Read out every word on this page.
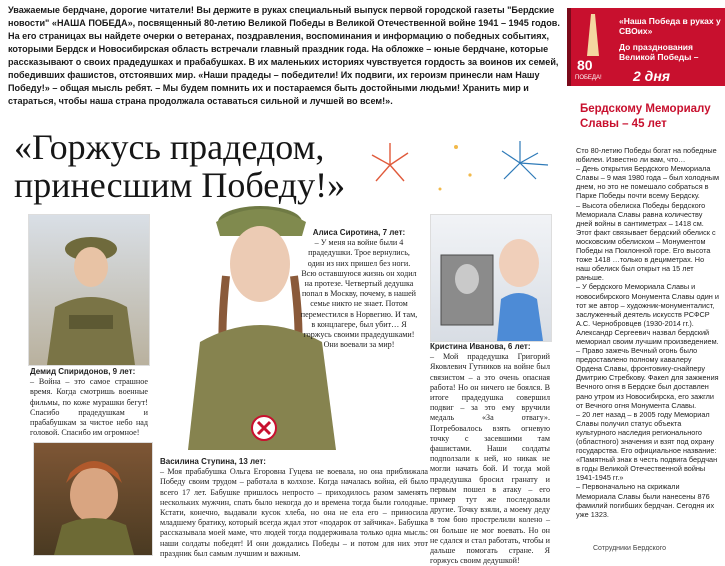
Уважаемые бердчане, дорогие читатели! Вы держите в руках специальный выпуск первой городской газеты "Бердские новости" «НАША ПОБЕДА», посвященный 80-летию Великой Победы в Великой Отечественной войне 1941 – 1945 годов. На его страницах вы найдете очерки о ветеранах, поздравления, воспоминания и информацию о победных событиях, которыми Бердск и Новосибирская область встречали главный праздник года. На обложке – юные бердчане, которые рассказывают о своих прадедушках и прабабушках. В их маленьких историях чувствуется гордость за воинов их семей, победивших фашистов, отстоявших мир. «Наши прадеды – победители! Их подвиги, их героизм принесли нам Нашу Победу!» – общая мысль ребят. – Мы будем помнить их и постараемся быть достойными людьми! Хранить мир и стараться, чтобы наша страна продолжала оставаться сильной и лучшей во всем!».
«Горжусь прадедом, принесшим Победу!»
Демид Спиридонов, 9 лет:
– Война – это самое страшное время. Когда смотришь военные фильмы, по коже мурашки бегут! Спасибо прадедушкам и прабабушкам за чистое небо над головой. Спасибо им огромное!
Алиса Сиротина, 7 лет:
– У меня на войне были 4 прадедушки. Трое вернулись, один из них пришел без ноги. Всю оставшуюся жизнь он ходил на протезе. Четвертый дедушка попал в Москву, почему, в нашей семье никто не знает. Потом переместился в Норвегию. И там, в концлагере, был убит… Я горжусь своими прадедушками! Они воевали за мир!	Кристина Иванова, 6 лет:
– Мой прадедушка Григорий Яковлевич Гутников на войне был связистом – а это очень опасная работа! Но он ничего не боялся. В итоге прадедушка совершил подвиг – за это ему вручили медаль «За отвагу». Потребовалось взять огневую точку с засевшими там фашистами. Наши солдаты подползали к ней, но никак не могли начать бой. И тогда мой прадедушка бросил гранату и первым пошел в атаку – его пример тут же последовали другие. Точку взяли, а моему деду в том бою прострелили колено – он больше не мог воевать. Но он не сдался и стал работать, чтобы и дальше помогать стране. Я горжусь своим дедушкой!
Василина Ступина, 13 лет:
– Моя прабабушка Ольга Егоровна Гуцева не воевала, но она приближала Победу своим трудом – работала в колхозе. Когда началась война, ей было всего 17 лет. Бабушке пришлось непросто – приходилось разом заменять нескольких мужчин, спать было некогда до и времена тогда были голодные. Кстати, конечно, выдавали кусок хлеба, но она не ела его – приносила младшему братику, который всегда ждал этот «подарок от зайчика». Бабушка рассказывала моей маме, что людей тогда поддерживала только одна мысль: наши солдаты победят! И они дождались Победы – и потом для них этот праздник был самым лучшим и важным.
80
ПОБЕДА!
«Наша Победа в руках у СВОих»
До празднования Великой Победы –
2 дня
Бердскому Мемориалу Славы – 45 лет

Сто 80-летию Победы богат на победные юбилеи. Известно ли вам, что…

– День открытия Бердского Мемориала Славы – 9 мая 1980 года – был холодным днем, но это не помешало собраться в Парке Победы почти всему Бердску.

– Высота обелиска Победы бердского Мемориала Славы равна количеству дней войны в сантиметрах – 1418 см. Этот факт связывает бердский обелиск с московским обелиском – Монументом Победы на Поклонной горе. Его высота тоже 1418 …только в дециметрах. Но наш обелиск был открыт на 15 лет раньше.

– У бердского Мемориала Славы и новосибирского Монумента Славы один и тот же автор – художник-монументалист, заслуженный деятель искусств РСФСР А.С. Чернобровцев (1930-2014 гг.). Александр Сергеевич назвал бердский мемориал своим лучшим произведением.

– Право зажечь Вечный огонь было предоставлено полному кавалеру Ордена Славы, фронтовику-снайперу Дмитрию Стребкову. Факел для зажжения Вечного огня в Бердске был доставлен рано утром из Новосибирска, его зажгли от Вечного огня Монумента Славы.

– 20 лет назад – в 2005 году Мемориал Славы получил статус объекта культурного наследия регионального (областного) значения и взят под охрану государства. Его официальное название: «Памятный знак в честь подвига бердчан в годы Великой Отечественной войны 1941-1945 гг.»

– Первоначально на скрижали Мемориала Славы были нанесены 876 фамилий погибших бердчан. Сегодня их уже 1323.

Сотрудники Бердского
